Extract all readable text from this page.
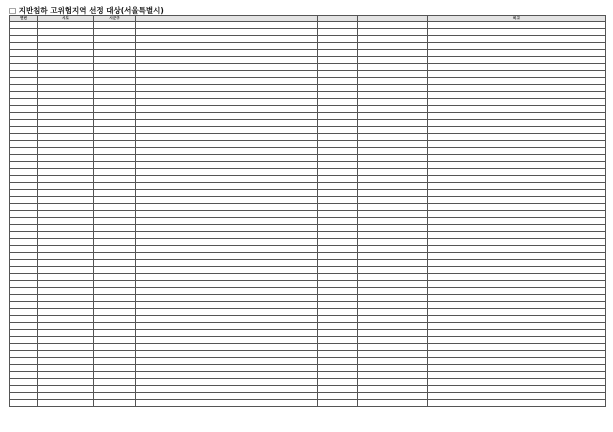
□ 지반침하 고위험지역 선정 대상(서울특별시)
연번	시도	시군구				비고
